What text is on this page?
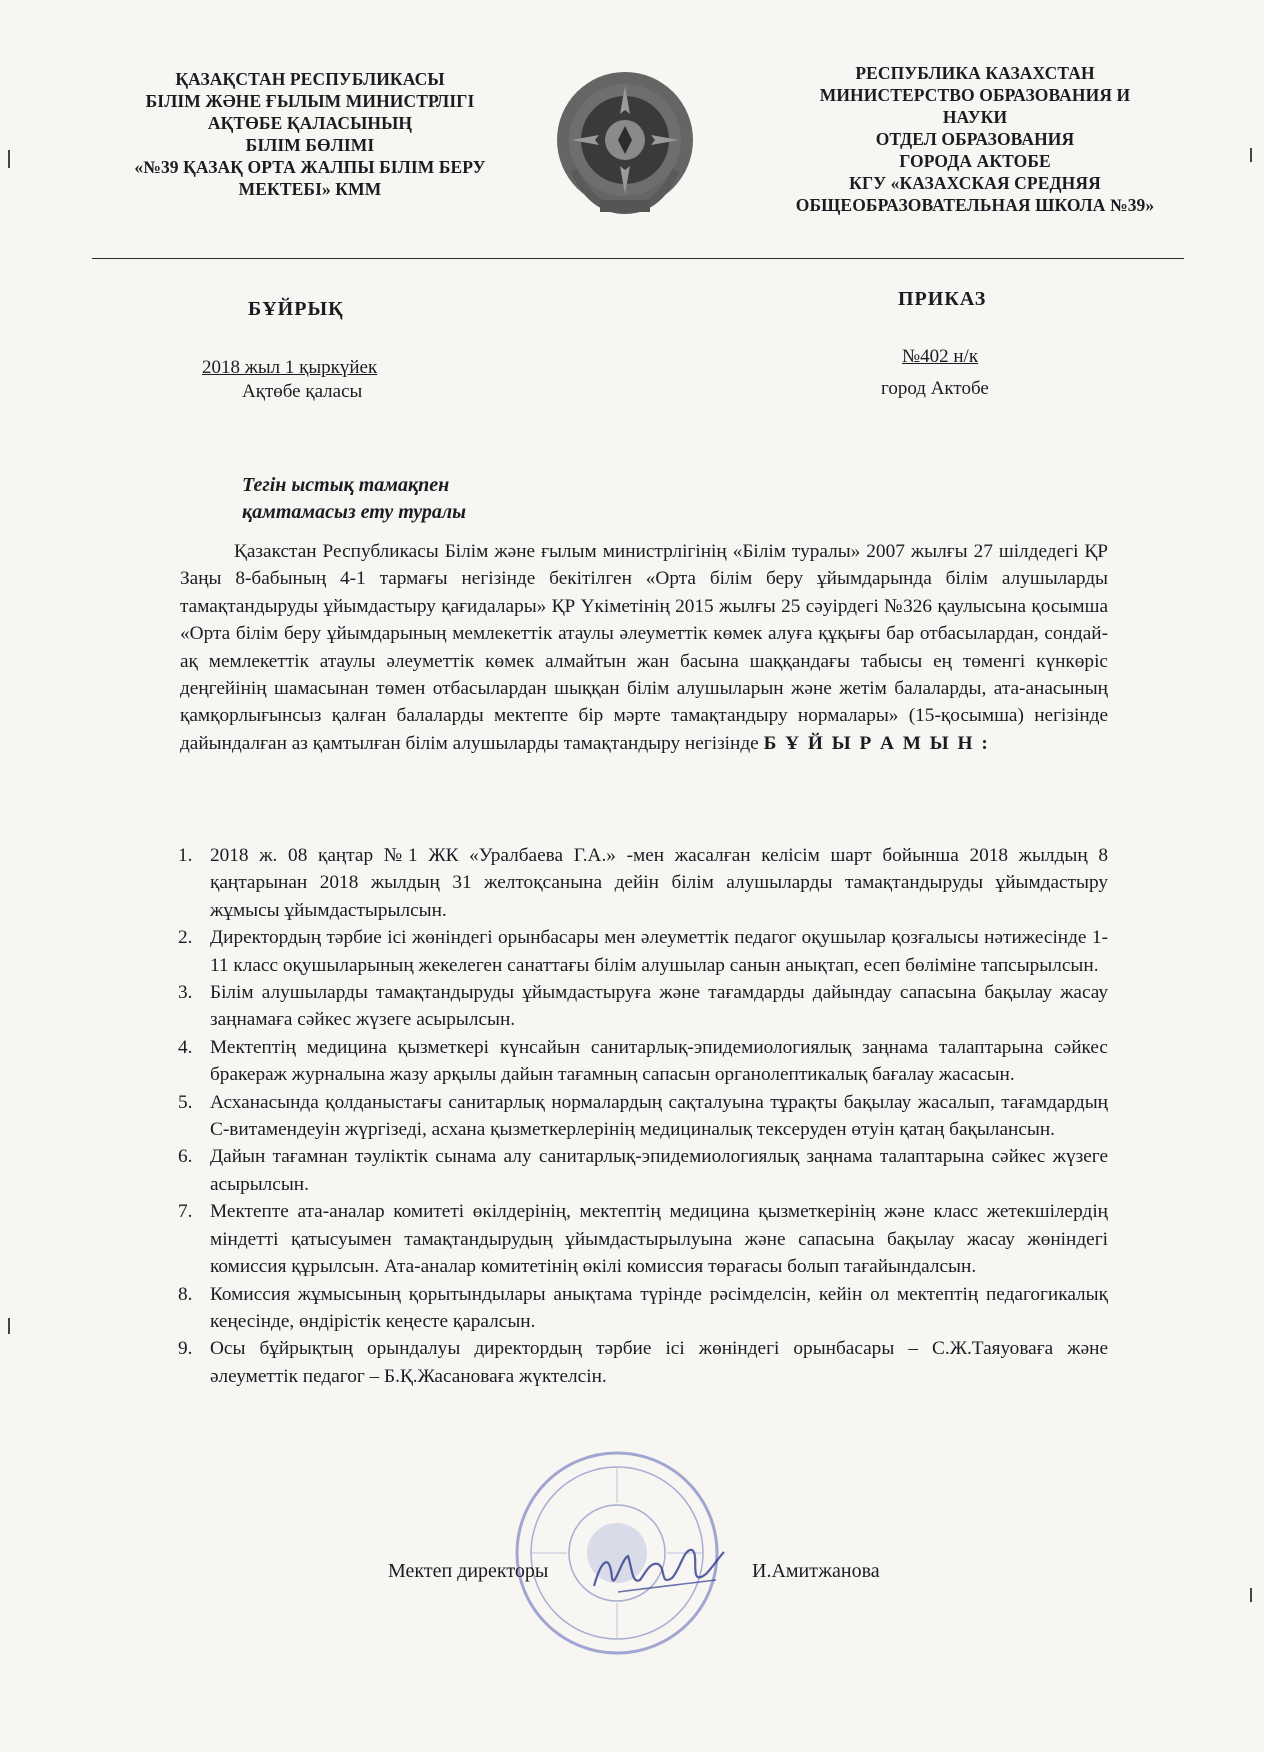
ҚАЗАҚСТАН РЕСПУБЛИКАСЫ
БІЛІМ ЖӘНЕ ҒЫЛЫМ МИНИСТРЛІГІ
АҚТӨБЕ ҚАЛАСЫНЫҢ
БІЛІМ БӨЛІМІ
«№39 ҚАЗАҚ ОРТА ЖАЛПЫ БІЛІМ БЕРУ
МЕКТЕБІ» КММ
РЕСПУБЛИКА КАЗАХСТАН
МИНИСТЕРСТВО ОБРАЗОВАНИЯ И
НАУКИ
ОТДЕЛ ОБРАЗОВАНИЯ
ГОРОДА АКТОБЕ
КГУ «КАЗАХСКАЯ СРЕДНЯЯ
ОБЩЕОБРАЗОВАТЕЛЬНАЯ ШКОЛА №39»
БҰЙРЫҚ	ПРИКАЗ
2018 жыл 1 қыркүйек
Ақтөбе қаласы
№402 н/к
город Актобе
Тегін ыстық тамақпен
қамтамасыз ету туралы

Қазакстан Республикасы Білім және ғылым министрлігінің «Білім туралы» 2007 жылғы 27 шілдедегі ҚР Заңы 8-бабының 4-1 тармағы негізінде бекітілген «Орта білім беру ұйымдарында білім алушыларды тамақтандыруды ұйымдастыру қағидалары» ҚР Үкіметінің 2015 жылғы 25 сәуірдегі №326 қаулысына қосымша «Орта білім беру ұйымдарының мемлекеттік атаулы әлеуметтік көмек алуға құқығы бар отбасылардан, сондай-ақ мемлекеттік атаулы әлеуметтік көмек алмайтын жан басына шаққандағы табысы ең төменгі күнкөріс деңгейінің шамасынан төмен отбасылардан шыққан білім алушыларын және жетім балаларды, ата-анасының қамқорлығынсыз қалған балаларды мектепте бір мәрте тамақтандыру нормалары» (15-қосымша) негізінде дайындалған аз қамтылған білім алушыларды тамақтандыру негізінде Б Ұ Й Ы Р А М Ы Н :

1. 2018 ж. 08 қаңтар №1 ЖК «Уралбаева Г.А.» -мен жасалған келісім шарт бойынша 2018 жылдың 8 қаңтарынан 2018 жылдың 31 желтоқсанына дейін білім алушыларды тамақтандыруды ұйымдастыру жұмысы ұйымдастырылсын.
2. Директордың тәрбие ісі жөніндегі орынбасары мен әлеуметтік педагог оқушылар қозғалысы нәтижесінде 1-11 класс оқушыларының жекелеген санаттағы білім алушылар санын анықтап, есеп бөліміне тапсырылсын.
3. Білім алушыларды тамақтандыруды ұйымдастыруға және тағамдарды дайындау сапасына бақылау жасау заңнамаға сәйкес жүзеге асырылсын.
4. Мектептің медицина қызметкері күнсайын санитарлық-эпидемиологиялық заңнама талаптарына сәйкес бракераж журналына жазу арқылы дайын тағамның сапасын органолептикалық бағалау жасасын.
5. Асханасында қолданыстағы санитарлық нормалардың сақталуына тұрақты бақылау жасалып, тағамдардың С-витамендеуін жүргізеді, асхана қызметкерлерінің медициналық тексеруден өтуін қатаң бақылансын.
6. Дайын тағамнан тәуліктік сынама алу санитарлық-эпидемиологиялық заңнама талаптарына сәйкес жүзеге асырылсын.
7. Мектепте ата-аналар комитеті өкілдерінің, мектептің медицина қызметкерінің және класс жетекшілердің міндетті қатысуымен тамақтандырудың ұйымдастырылуына және сапасына бақылау жасау жөніндегі комиссия құрылсын. Ата-аналар комитетінің өкілі комиссия төрағасы болып тағайындалсын.
8. Комиссия жұмысының қорытындылары анықтама түрінде рәсімделсін, кейін ол мектептің педагогикалық кеңесінде, өндірістік кеңесте қаралсын.
9. Осы бұйрықтың орындалуы директордың тәрбие ісі жөніндегі орынбасары – С.Ж.Таяуоваға және әлеуметтік педагог – Б.Қ.Жасановаға жүктелсін.
Мектеп директоры	И.Амитжанова
